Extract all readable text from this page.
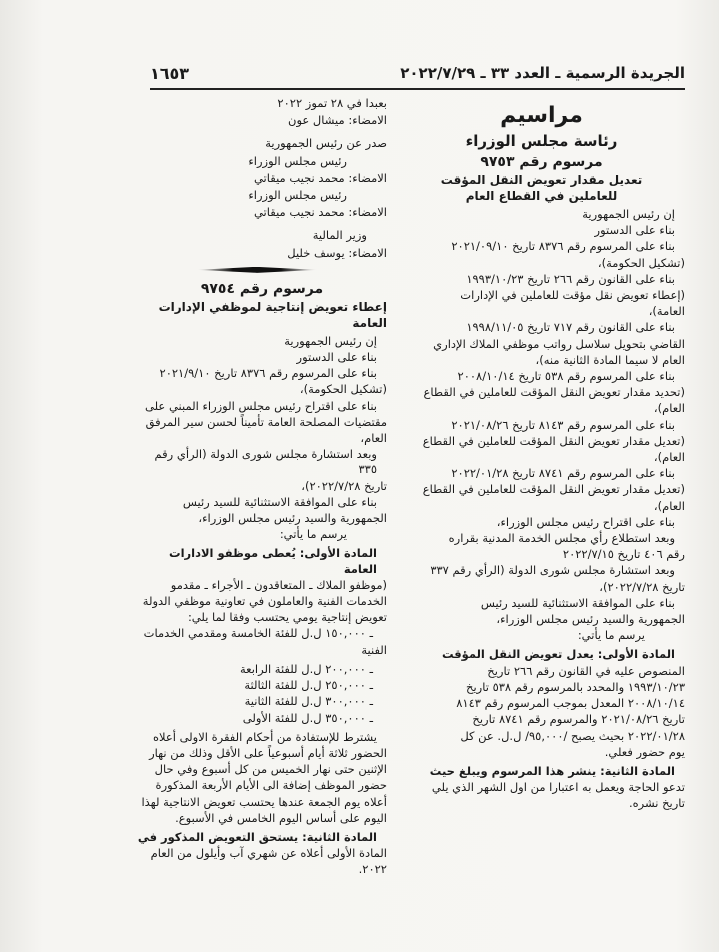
الجريدة الرسمية ـ العدد ٣٣ ـ ٢٠٢٢/٧/٢٩
١٦٥٣

مراسيم

رئاسة مجلس الوزراء

مرسوم رقم ٩٧٥٣

تعديل مقدار تعويض النقل المؤقت

للعاملين في القطاع العام

إن رئيس الجمهورية

بناء على الدستور

بناء على المرسوم رقم ٨٣٧٦ تاريخ ٢٠٢١/٠٩/١٠

(تشكيل الحكومة)،

بناء على القانون رقم ٢٦٦ تاريخ ١٩٩٣/١٠/٢٣

(إعطاء تعويض نقل مؤقت للعاملين في الإدارات

العامة)،

بناء على القانون رقم ٧١٧ تاريخ ١٩٩٨/١١/٠٥

القاضي بتحويل سلاسل رواتب موظفي الملاك الإداري

العام لا سيما المادة الثانية منه)،

بناء على المرسوم رقم ٥٣٨ تاريخ ٢٠٠٨/١٠/١٤

(تحديد مقدار تعويض النقل المؤقت للعاملين في القطاع

العام)،

بناء على المرسوم رقم ٨١٤٣ تاريخ ٢٠٢١/٠٨/٢٦

(تعديل مقدار تعويض النقل المؤقت للعاملين في القطاع

العام)،

بناء على المرسوم رقم ٨٧٤١ تاريخ ٢٠٢٢/٠١/٢٨

(تعديل مقدار تعويض النقل المؤقت للعاملين في القطاع

العام)،

بناء على اقتراح رئيس مجلس الوزراء،

وبعد استطلاع رأي مجلس الخدمة المدنية بقراره

رقم ٤٠٦ تاريخ ٢٠٢٢/٧/١٥

وبعد استشارة مجلس شورى الدولة (الرأي رقم ٣٣٧

تاريخ ٢٠٢٢/٧/٢٨)،

بناء على الموافقة الاستثنائية للسيد رئيس

الجمهورية والسيد رئيس مجلس الوزراء،

يرسم ما يأتي:

المادة الأولى: يعدل تعويض النقل المؤقت

المنصوص عليه في القانون رقم ٢٦٦ تاريخ

١٩٩٣/١٠/٢٣ والمحدد بالمرسوم رقم ٥٣٨ تاريخ

٢٠٠٨/١٠/١٤ المعدل بموجب المرسوم رقم ٨١٤٣

تاريخ ٢٠٢١/٠٨/٢٦ والمرسوم رقم ٨٧٤١ تاريخ

٢٠٢٢/٠١/٢٨ بحيث يصبح /٩٥,٠٠٠/ ل.ل. عن كل

يوم حضور فعلي.

المادة الثانية: ينشر هذا المرسوم ويبلغ حيث

تدعو الحاجة ويعمل به اعتبارا من اول الشهر الذي يلي

تاريخ نشره.

بعبدا في ٢٨ تموز ٢٠٢٢

الامضاء: ميشال عون

صدر عن رئيس الجمهورية

رئيس مجلس الوزراء

الامضاء: محمد نجيب ميقاتي

رئيس مجلس الوزراء

الامضاء: محمد نجيب ميقاتي

وزير المالية

الامضاء: يوسف خليل

مرسوم رقم ٩٧٥٤

إعطاء تعويض إنتاجية لموظفي الإدارات العامة

إن رئيس الجمهورية

بناء على الدستور

بناء على المرسوم رقم ٨٣٧٦ تاريخ ٢٠٢١/٩/١٠

(تشكيل الحكومة)،

بناء على اقتراح رئيس مجلس الوزراء المبني على

مقتضيات المصلحة العامة تأميناً لحسن سير المرفق

العام،

وبعد استشارة مجلس شورى الدولة (الرأي رقم ٣٣٥

تاريخ ٢٠٢٢/٧/٢٨)،

بناء على الموافقة الاستثنائية للسيد رئيس

الجمهورية والسيد رئيس مجلس الوزراء،

يرسم ما يأتي:

المادة الأولى: يُعطى موظفو الادارات العامة

(موظفو الملاك ـ المتعاقدون ـ الأجراء ـ مقدمو

الخدمات الفنية والعاملون في تعاونية موظفي الدولة

تعويض إنتاجية يومي يحتسب وفقا لما يلي:

ـ ١٥٠,٠٠٠ ل.ل للفئة الخامسة ومقدمي الخدمات

الفنية

ـ ٢٠٠,٠٠٠ ل.ل للفئة الرابعة

ـ ٢٥٠,٠٠٠ ل.ل للفئة الثالثة

ـ ٣٠٠,٠٠٠ ل.ل للفئة الثانية

ـ ٣٥٠,٠٠٠ ل.ل للفئة الأولى

يشترط للإستفادة من أحكام الفقرة الاولى أعلاه

الحضور ثلاثة أيام أسبوعياً على الأقل وذلك من نهار

الإثنين حتى نهار الخميس من كل أسبوع وفي حال

حضور الموظف إضافة الى الأيام الأربعة المذكورة

أعلاه يوم الجمعة عندها يحتسب تعويض الانتاجية لهذا

اليوم على أساس اليوم الخامس في الأسبوع.

المادة الثانية: يستحق التعويض المذكور في

المادة الأولى أعلاه عن شهري آب وأيلول من العام

٢٠٢٢.
